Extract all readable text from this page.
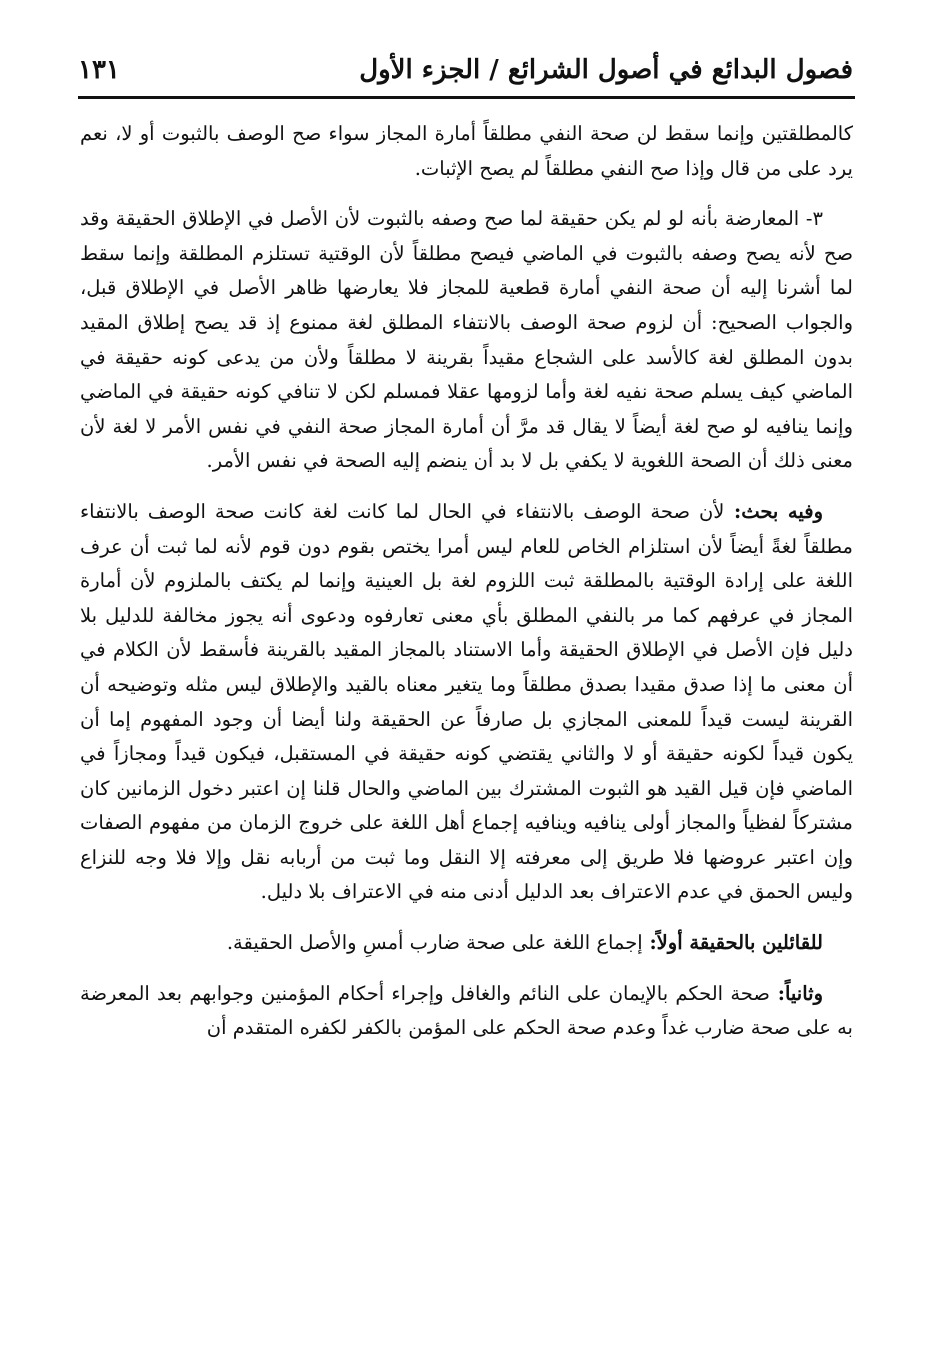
فصول البدائع في أصول الشرائع / الجزء الأول
١٣١

كالمطلقتين وإنما سقط لن صحة النفي مطلقاً أمارة المجاز سواء صح الوصف بالثبوت أو لا، نعم يرد على من قال وإذا صح النفي مطلقاً لم يصح الإثبات.

٣- المعارضة بأنه لو لم يكن حقيقة لما صح وصفه بالثبوت لأن الأصل في الإطلاق الحقيقة وقد صح لأنه يصح وصفه بالثبوت في الماضي فيصح مطلقاً لأن الوقتية تستلزم المطلقة وإنما سقط لما أشرنا إليه أن صحة النفي أمارة قطعية للمجاز فلا يعارضها ظاهر الأصل في الإطلاق قبل، والجواب الصحيح: أن لزوم صحة الوصف بالانتفاء المطلق لغة ممنوع إذ قد يصح إطلاق المقيد بدون المطلق لغة كالأسد على الشجاع مقيداً بقرينة لا مطلقاً ولأن من يدعى كونه حقيقة في الماضي كيف يسلم صحة نفيه لغة وأما لزومها عقلا فمسلم لكن لا تنافي كونه حقيقة في الماضي وإنما ينافيه لو صح لغة أيضاً لا يقال قد مرَّ أن أمارة المجاز صحة النفي في نفس الأمر لا لغة لأن معنى ذلك أن الصحة اللغوية لا يكفي بل لا بد أن ينضم إليه الصحة في نفس الأمر.

وفيه بحث: لأن صحة الوصف بالانتفاء في الحال لما كانت لغة كانت صحة الوصف بالانتفاء مطلقاً لغةً أيضاً لأن استلزام الخاص للعام ليس أمرا يختص بقوم دون قوم لأنه لما ثبت أن عرف اللغة على إرادة الوقتية بالمطلقة ثبت اللزوم لغة بل العينية وإنما لم يكتف بالملزوم لأن أمارة المجاز في عرفهم كما مر بالنفي المطلق بأي معنى تعارفوه ودعوى أنه يجوز مخالفة للدليل بلا دليل فإن الأصل في الإطلاق الحقيقة وأما الاستناد بالمجاز المقيد بالقرينة فأسقط لأن الكلام في أن معنى ما إذا صدق مقيدا بصدق مطلقاً وما يتغير معناه بالقيد والإطلاق ليس مثله وتوضيحه أن القرينة ليست قيداً للمعنى المجازي بل صارفاً عن الحقيقة ولنا أيضا أن وجود المفهوم إما أن يكون قيداً لكونه حقيقة أو لا والثاني يقتضي كونه حقيقة في المستقبل، فيكون قيداً ومجازاً في الماضي فإن قيل القيد هو الثبوت المشترك بين الماضي والحال قلنا إن اعتبر دخول الزمانين كان مشتركاً لفظياً والمجاز أولى ينافيه وينافيه إجماع أهل اللغة على خروج الزمان من مفهوم الصفات وإن اعتبر عروضها فلا طريق إلى معرفته إلا النقل وما ثبت من أربابه نقل وإلا فلا وجه للنزاع وليس الحمق في عدم الاعتراف بعد الدليل أدنى منه في الاعتراف بلا دليل.

للقائلين بالحقيقة أولاً: إجماع اللغة على صحة ضارب أمسِ والأصل الحقيقة.

وثانياً: صحة الحكم بالإيمان على النائم والغافل وإجراء أحكام المؤمنين وجوابهم بعد المعرضة به على صحة ضارب غداً وعدم صحة الحكم على المؤمن بالكفر لكفره المتقدم أن
